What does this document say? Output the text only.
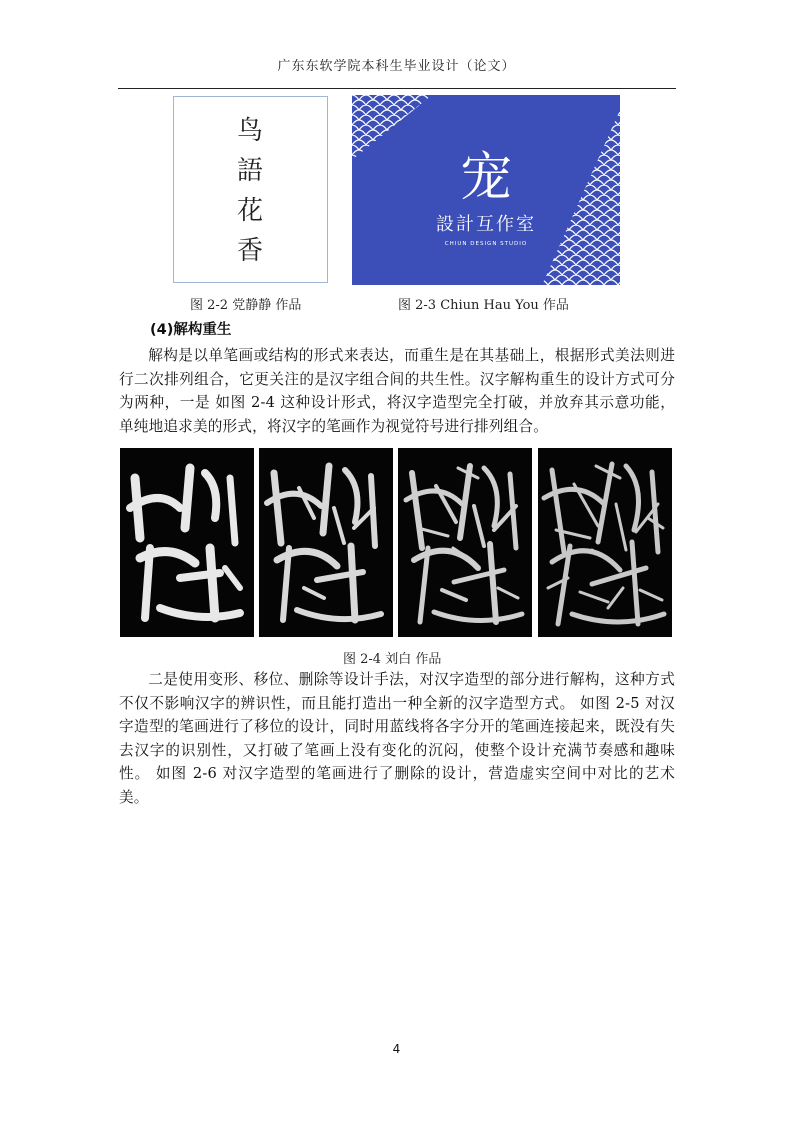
广东东软学院本科生毕业设计（论文）
鸟
語
花
香
图 2-2 党静静 作品
宠
設計互作室
CHIUN DESIGN STUDIO
图 2-3 Chiun Hau You 作品
(4)解构重生

解构是以单笔画或结构的形式来表达，而重生是在其基础上，根据形式美法则进行二次排列组合，它更关注的是汉字组合间的共生性。汉字解构重生的设计方式可分为两种，一是 如图 2-4 这种设计形式，将汉字造型完全打破，并放弃其示意功能，单纯地追求美的形式，将汉字的笔画作为视觉符号进行排列组合。

图 2-4 刘白 作品

二是使用变形、移位、删除等设计手法，对汉字造型的部分进行解构，这种方式不仅不影响汉字的辨识性，而且能打造出一种全新的汉字造型方式。 如图 2-5 对汉字造型的笔画进行了移位的设计，同时用蓝线将各字分开的笔画连接起来，既没有失去汉字的识别性，又打破了笔画上没有变化的沉闷，使整个设计充满节奏感和趣味性。 如图 2-6 对汉字造型的笔画进行了删除的设计，营造虚实空间中对比的艺术美。

4
